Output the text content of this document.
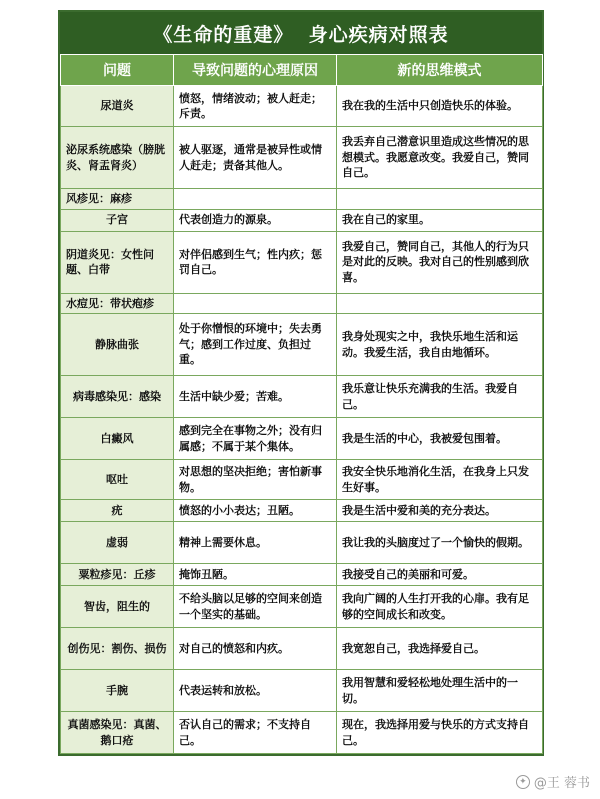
《生命的重建》  身心疾病对照表
问题	导致问题的心理原因	新的思维模式
尿道炎	愤怒，情绪波动；被人赶走；斥责。	我在我的生活中只创造快乐的体验。
泌尿系统感染（膀胱炎、肾盂肾炎）	被人驱逐，通常是被异性或情人赶走；责备其他人。	我丢弃自己潜意识里造成这些情况的思想模式。我愿意改变。我爱自己，赞同自己。
风疹见：麻疹		
子宫	代表创造力的源泉。	我在自己的家里。
阴道炎见：女性问题、白带	对伴侣感到生气；性内疚；惩罚自己。	我爱自己，赞同自己，其他人的行为只是对此的反映。我对自己的性别感到欣喜。
水痘见：带状疱疹		
静脉曲张	处于你憎恨的环境中；失去勇气；感到工作过度、负担过重。	我身处现实之中，我快乐地生活和运动。我爱生活，我自由地循环。
病毒感染见：感染	生活中缺少爱；苦难。	我乐意让快乐充满我的生活。我爱自己。
白癜风	感到完全在事物之外；没有归属感；不属于某个集体。	我是生活的中心，我被爱包围着。
呕吐	对思想的坚决拒绝；害怕新事物。	我安全快乐地消化生活，在我身上只发生好事。
疣	愤怒的小小表达；丑陋。	我是生活中爱和美的充分表达。
虚弱	精神上需要休息。	我让我的头脑度过了一个愉快的假期。
粟粒疹见：丘疹	掩饰丑陋。	我接受自己的美丽和可爱。
智齿，阻生的	不给头脑以足够的空间来创造一个坚实的基础。	我向广阔的人生打开我的心扉。我有足够的空间成长和改变。
创伤见：割伤、损伤	对自己的愤怒和内疚。	我宽恕自己，我选择爱自己。
手腕	代表运转和放松。	我用智慧和爱轻松地处理生活中的一切。
真菌感染见：真菌、鹅口疮	否认自己的需求；不支持自己。	现在，我选择用爱与快乐的方式支持自己。
✦ @王 蓉书
